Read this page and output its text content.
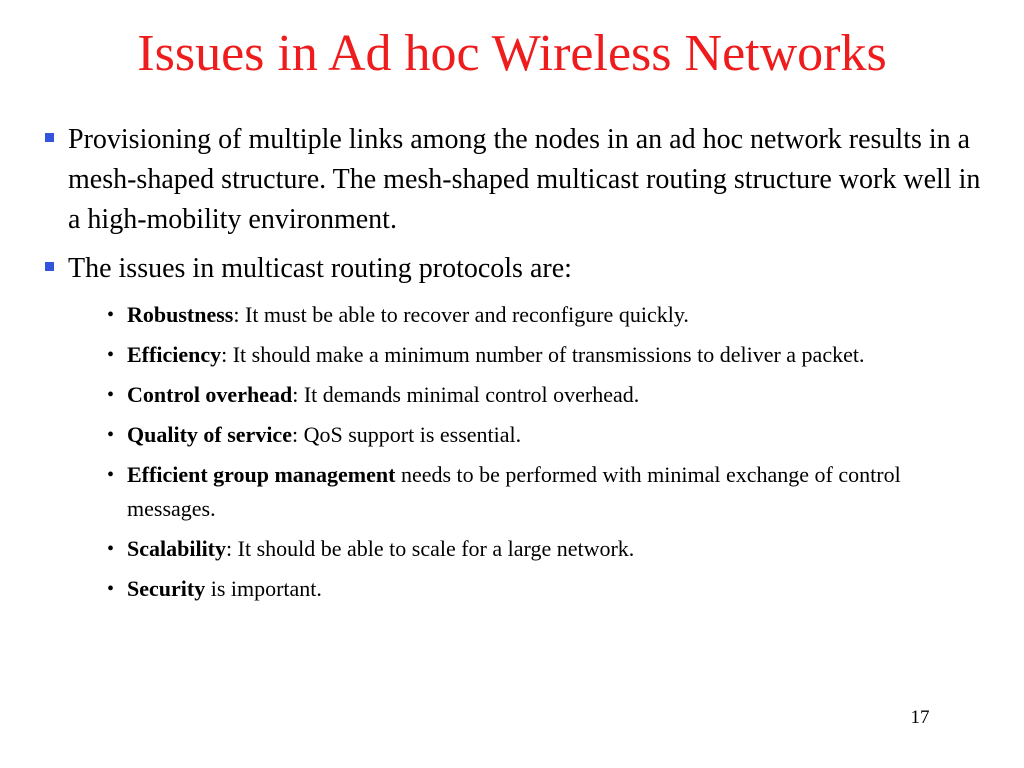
Issues in Ad hoc Wireless Networks
Provisioning of multiple links among the nodes in an ad hoc network results in a mesh-shaped structure. The mesh-shaped multicast routing structure work well in a high-mobility environment.
The issues in multicast routing protocols are:
• Robustness: It must be able to recover and reconfigure quickly.
• Efficiency: It should make a minimum number of transmissions to deliver a packet.
• Control overhead: It demands minimal control overhead.
• Quality of service: QoS support is essential.
• Efficient group management needs to be performed with minimal exchange of control messages.
• Scalability: It should be able to scale for a large network.
• Security is important.
17
